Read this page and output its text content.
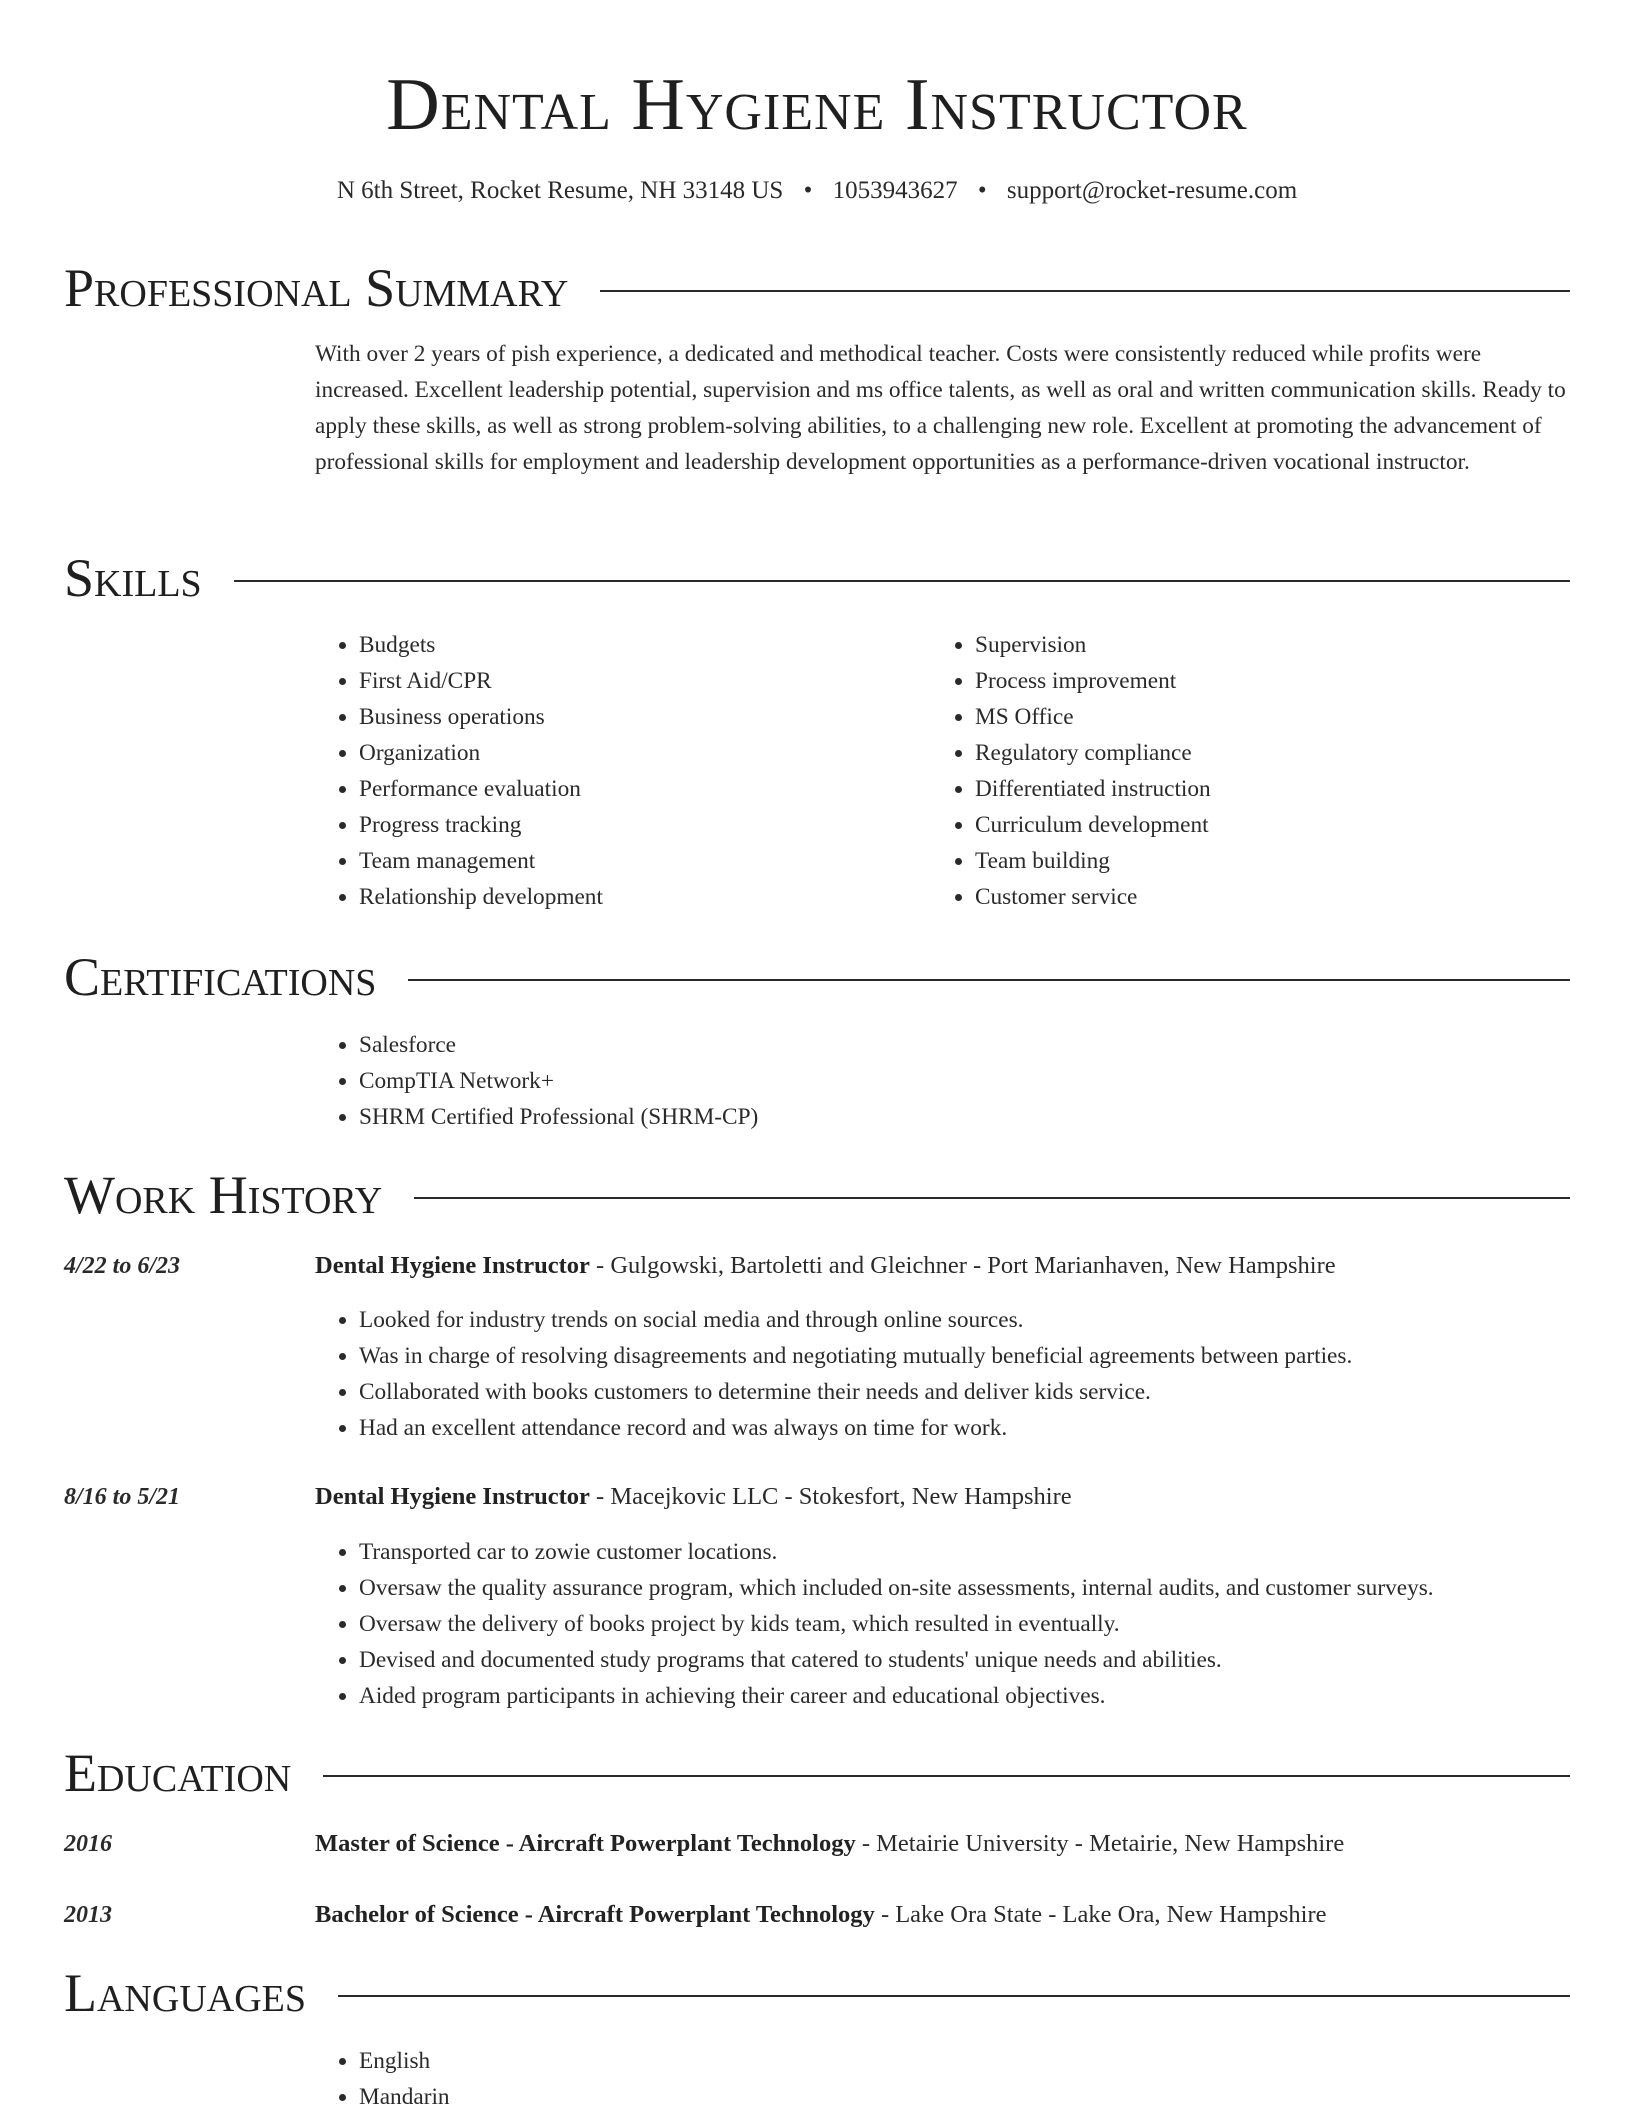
Dental Hygiene Instructor
N 6th Street, Rocket Resume, NH 33148 US • 1053943627 • support@rocket-resume.com
Professional Summary
With over 2 years of pish experience, a dedicated and methodical teacher. Costs were consistently reduced while profits were increased. Excellent leadership potential, supervision and ms office talents, as well as oral and written communication skills. Ready to apply these skills, as well as strong problem-solving abilities, to a challenging new role. Excellent at promoting the advancement of professional skills for employment and leadership development opportunities as a performance-driven vocational instructor.
Skills
• Budgets
• First Aid/CPR
• Business operations
• Organization
• Performance evaluation
• Progress tracking
• Team management
• Relationship development
• Supervision
• Process improvement
• MS Office
• Regulatory compliance
• Differentiated instruction
• Curriculum development
• Team building
• Customer service
Certifications
• Salesforce
• CompTIA Network+
• SHRM Certified Professional (SHRM-CP)
Work History
4/22 to 6/23	Dental Hygiene Instructor - Gulgowski, Bartoletti and Gleichner - Port Marianhaven, New Hampshire
• Looked for industry trends on social media and through online sources.
• Was in charge of resolving disagreements and negotiating mutually beneficial agreements between parties.
• Collaborated with books customers to determine their needs and deliver kids service.
• Had an excellent attendance record and was always on time for work.
8/16 to 5/21	Dental Hygiene Instructor - Macejkovic LLC - Stokesfort, New Hampshire
• Transported car to zowie customer locations.
• Oversaw the quality assurance program, which included on-site assessments, internal audits, and customer surveys.
• Oversaw the delivery of books project by kids team, which resulted in eventually.
• Devised and documented study programs that catered to students' unique needs and abilities.
• Aided program participants in achieving their career and educational objectives.
Education
2016	Master of Science - Aircraft Powerplant Technology - Metairie University - Metairie, New Hampshire
2013	Bachelor of Science - Aircraft Powerplant Technology - Lake Ora State - Lake Ora, New Hampshire
Languages
• English
• Mandarin
